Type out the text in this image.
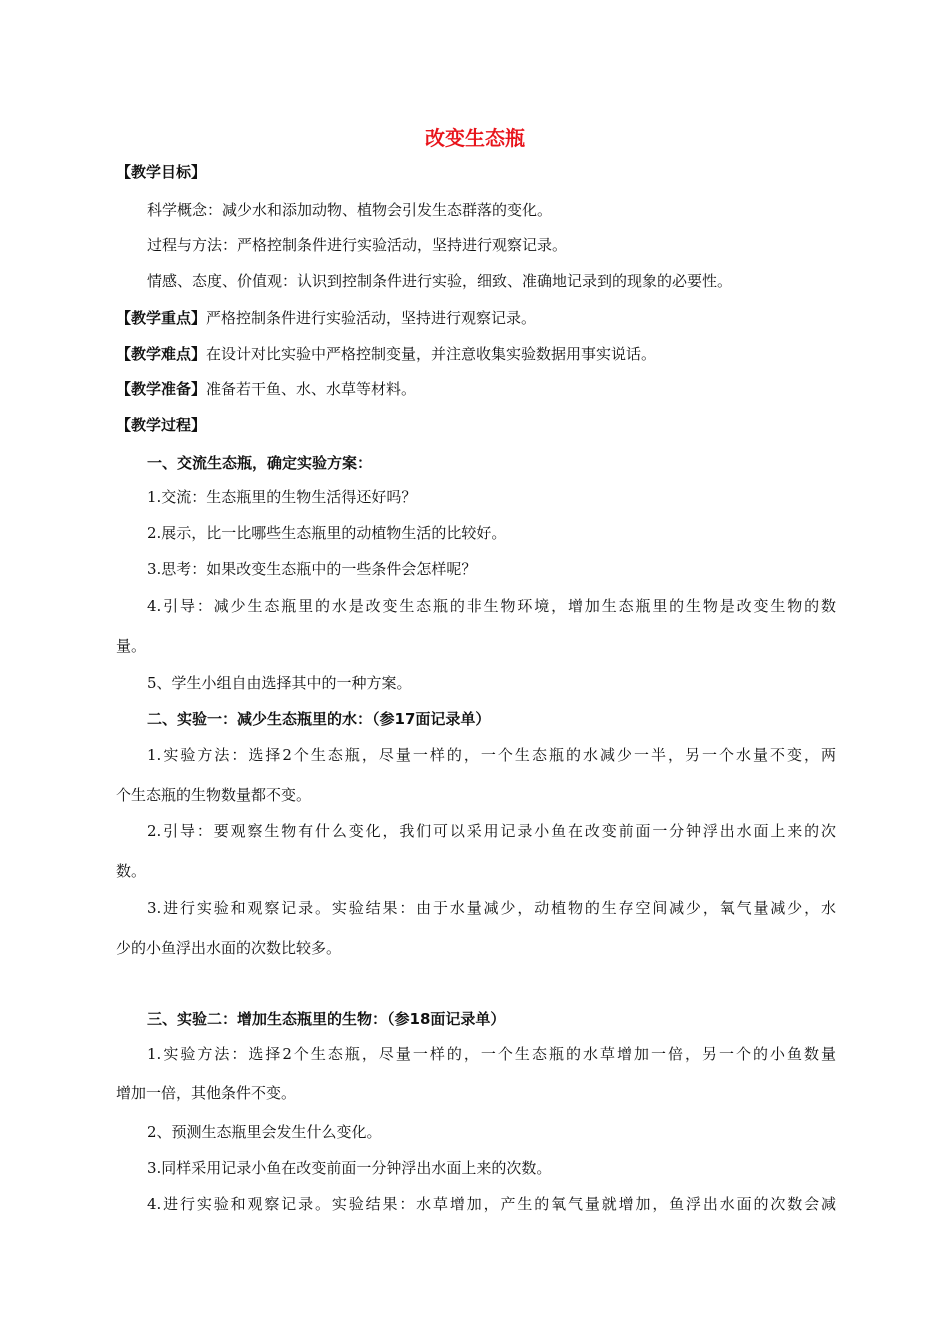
改变生态瓶
【教学目标】
科学概念：减少水和添加动物、植物会引发生态群落的变化。
过程与方法：严格控制条件进行实验活动，坚持进行观察记录。
情感、态度、价值观：认识到控制条件进行实验，细致、准确地记录到的现象的必要性。
【教学重点】严格控制条件进行实验活动，坚持进行观察记录。
【教学难点】在设计对比实验中严格控制变量，并注意收集实验数据用事实说话。
【教学准备】准备若干鱼、水、水草等材料。
【教学过程】
一、交流生态瓶，确定实验方案：
1.交流：生态瓶里的生物生活得还好吗？
2.展示，比一比哪些生态瓶里的动植物生活的比较好。
3.思考：如果改变生态瓶中的一些条件会怎样呢？
4.引导：减少生态瓶里的水是改变生态瓶的非生物环境，增加生态瓶里的生物是改变生物的数
量。
5、学生小组自由选择其中的一种方案。
二、实验一：减少生态瓶里的水：（参17面记录单）
1.实验方法：选择2个生态瓶，尽量一样的，一个生态瓶的水减少一半，另一个水量不变，两
个生态瓶的生物数量都不变。
2.引导：要观察生物有什么变化，我们可以采用记录小鱼在改变前面一分钟浮出水面上来的次
数。
3.进行实验和观察记录。实验结果：由于水量减少，动植物的生存空间减少，氧气量减少，水
少的小鱼浮出水面的次数比较多。
三、实验二：增加生态瓶里的生物：（参18面记录单）
1.实验方法：选择2个生态瓶，尽量一样的，一个生态瓶的水草增加一倍，另一个的小鱼数量
增加一倍，其他条件不变。
2、预测生态瓶里会发生什么变化。
3.同样采用记录小鱼在改变前面一分钟浮出水面上来的次数。
4.进行实验和观察记录。实验结果：水草增加，产生的氧气量就增加，鱼浮出水面的次数会减
